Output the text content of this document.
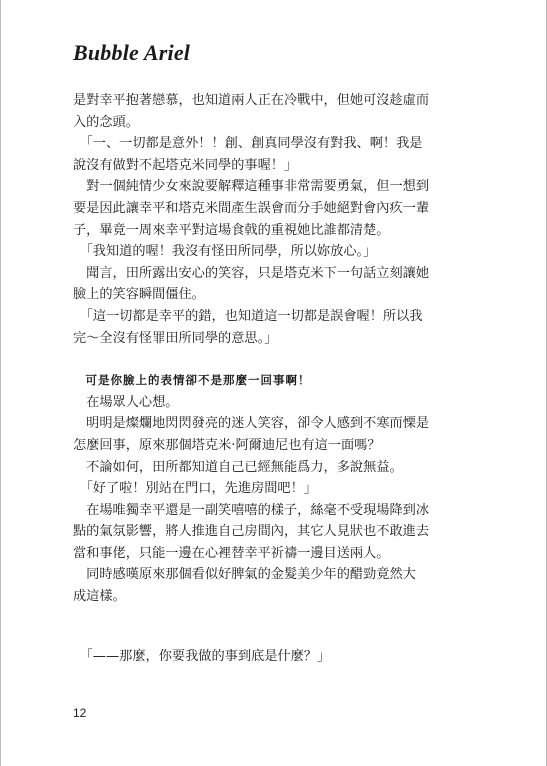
Bubble Ariel

是對幸平抱著戀慕，也知道兩人正在冷戰中，但她可沒趁虛而

入的念頭。

　「一、一切都是意外！！創、創真同學沒有對我、啊！我是

說沒有做對不起塔克米同學的事喔！」

　對一個純情少女來說要解釋這種事非常需要勇氣，但一想到

要是因此讓幸平和塔克米間產生誤會而分手她絕對會內疚一輩

子，畢竟一周來幸平對這場食戟的重視她比誰都清楚。

　「我知道的喔！我沒有怪田所同學，所以妳放心。」

　聞言，田所露出安心的笑容，只是塔克米下一句話立刻讓她

臉上的笑容瞬間僵住。

　「這一切都是幸平的錯，也知道這一切都是誤會喔！所以我

完～全沒有怪罪田所同學的意思。」

　可是你臉上的表情卻不是那麼一回事啊！

　在場眾人心想。

　明明是燦爛地閃閃發亮的迷人笑容，卻令人感到不寒而慄是

怎麼回事，原來那個塔克米·阿爾迪尼也有這一面嗎？

　不論如何，田所都知道自己已經無能爲力，多說無益。

　「好了啦！別站在門口，先進房間吧！」

　在場唯獨幸平還是一副笑嘻嘻的樣子，絲毫不受現場降到冰

點的氣氛影響，將人推進自己房間內，其它人見狀也不敢進去

當和事佬，只能一邊在心裡替幸平祈禱一邊目送兩人。

　同時感嘆原來那個看似好脾氣的金髮美少年的醋勁竟然大

成這樣。

　「——那麼，你要我做的事到底是什麼？」

12
